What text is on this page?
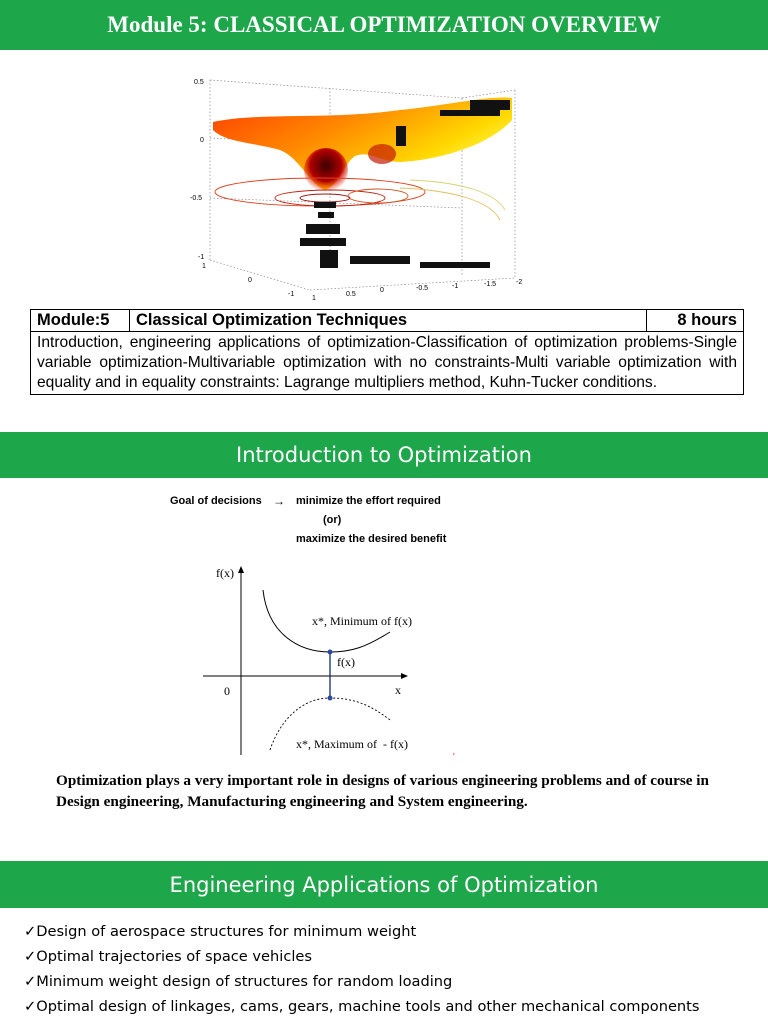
Module 5: CLASSICAL OPTIMIZATION OVERVIEW
0.5
0
-0.5
-1
1
0
-1
1
0.5
0	-0.5	-1	-1.5	-2
Module:5	Classical Optimization Techniques	8 hours
Introduction, engineering applications of optimization-Classification of optimization problems-Single variable optimization-Multivariable optimization with no constraints-Multi variable optimization with equality and in equality constraints: Lagrange multipliers method, Kuhn-Tucker conditions.
Introduction to Optimization
Goal of decisions → minimize the effort required
(or)
maximize the desired benefit
'
f(x)
x*, Minimum of f(x)
f(x)
0	x
x*, Maximum of  - f(x)
Optimization plays a very important role in designs of various engineering problems and of course in Design engineering, Manufacturing engineering and System engineering.
Engineering Applications of Optimization
✓Design of aerospace structures for minimum weight
✓Optimal trajectories of space vehicles
✓Minimum weight design of structures for random loading
✓Optimal design of linkages, cams, gears, machine tools and other mechanical components
